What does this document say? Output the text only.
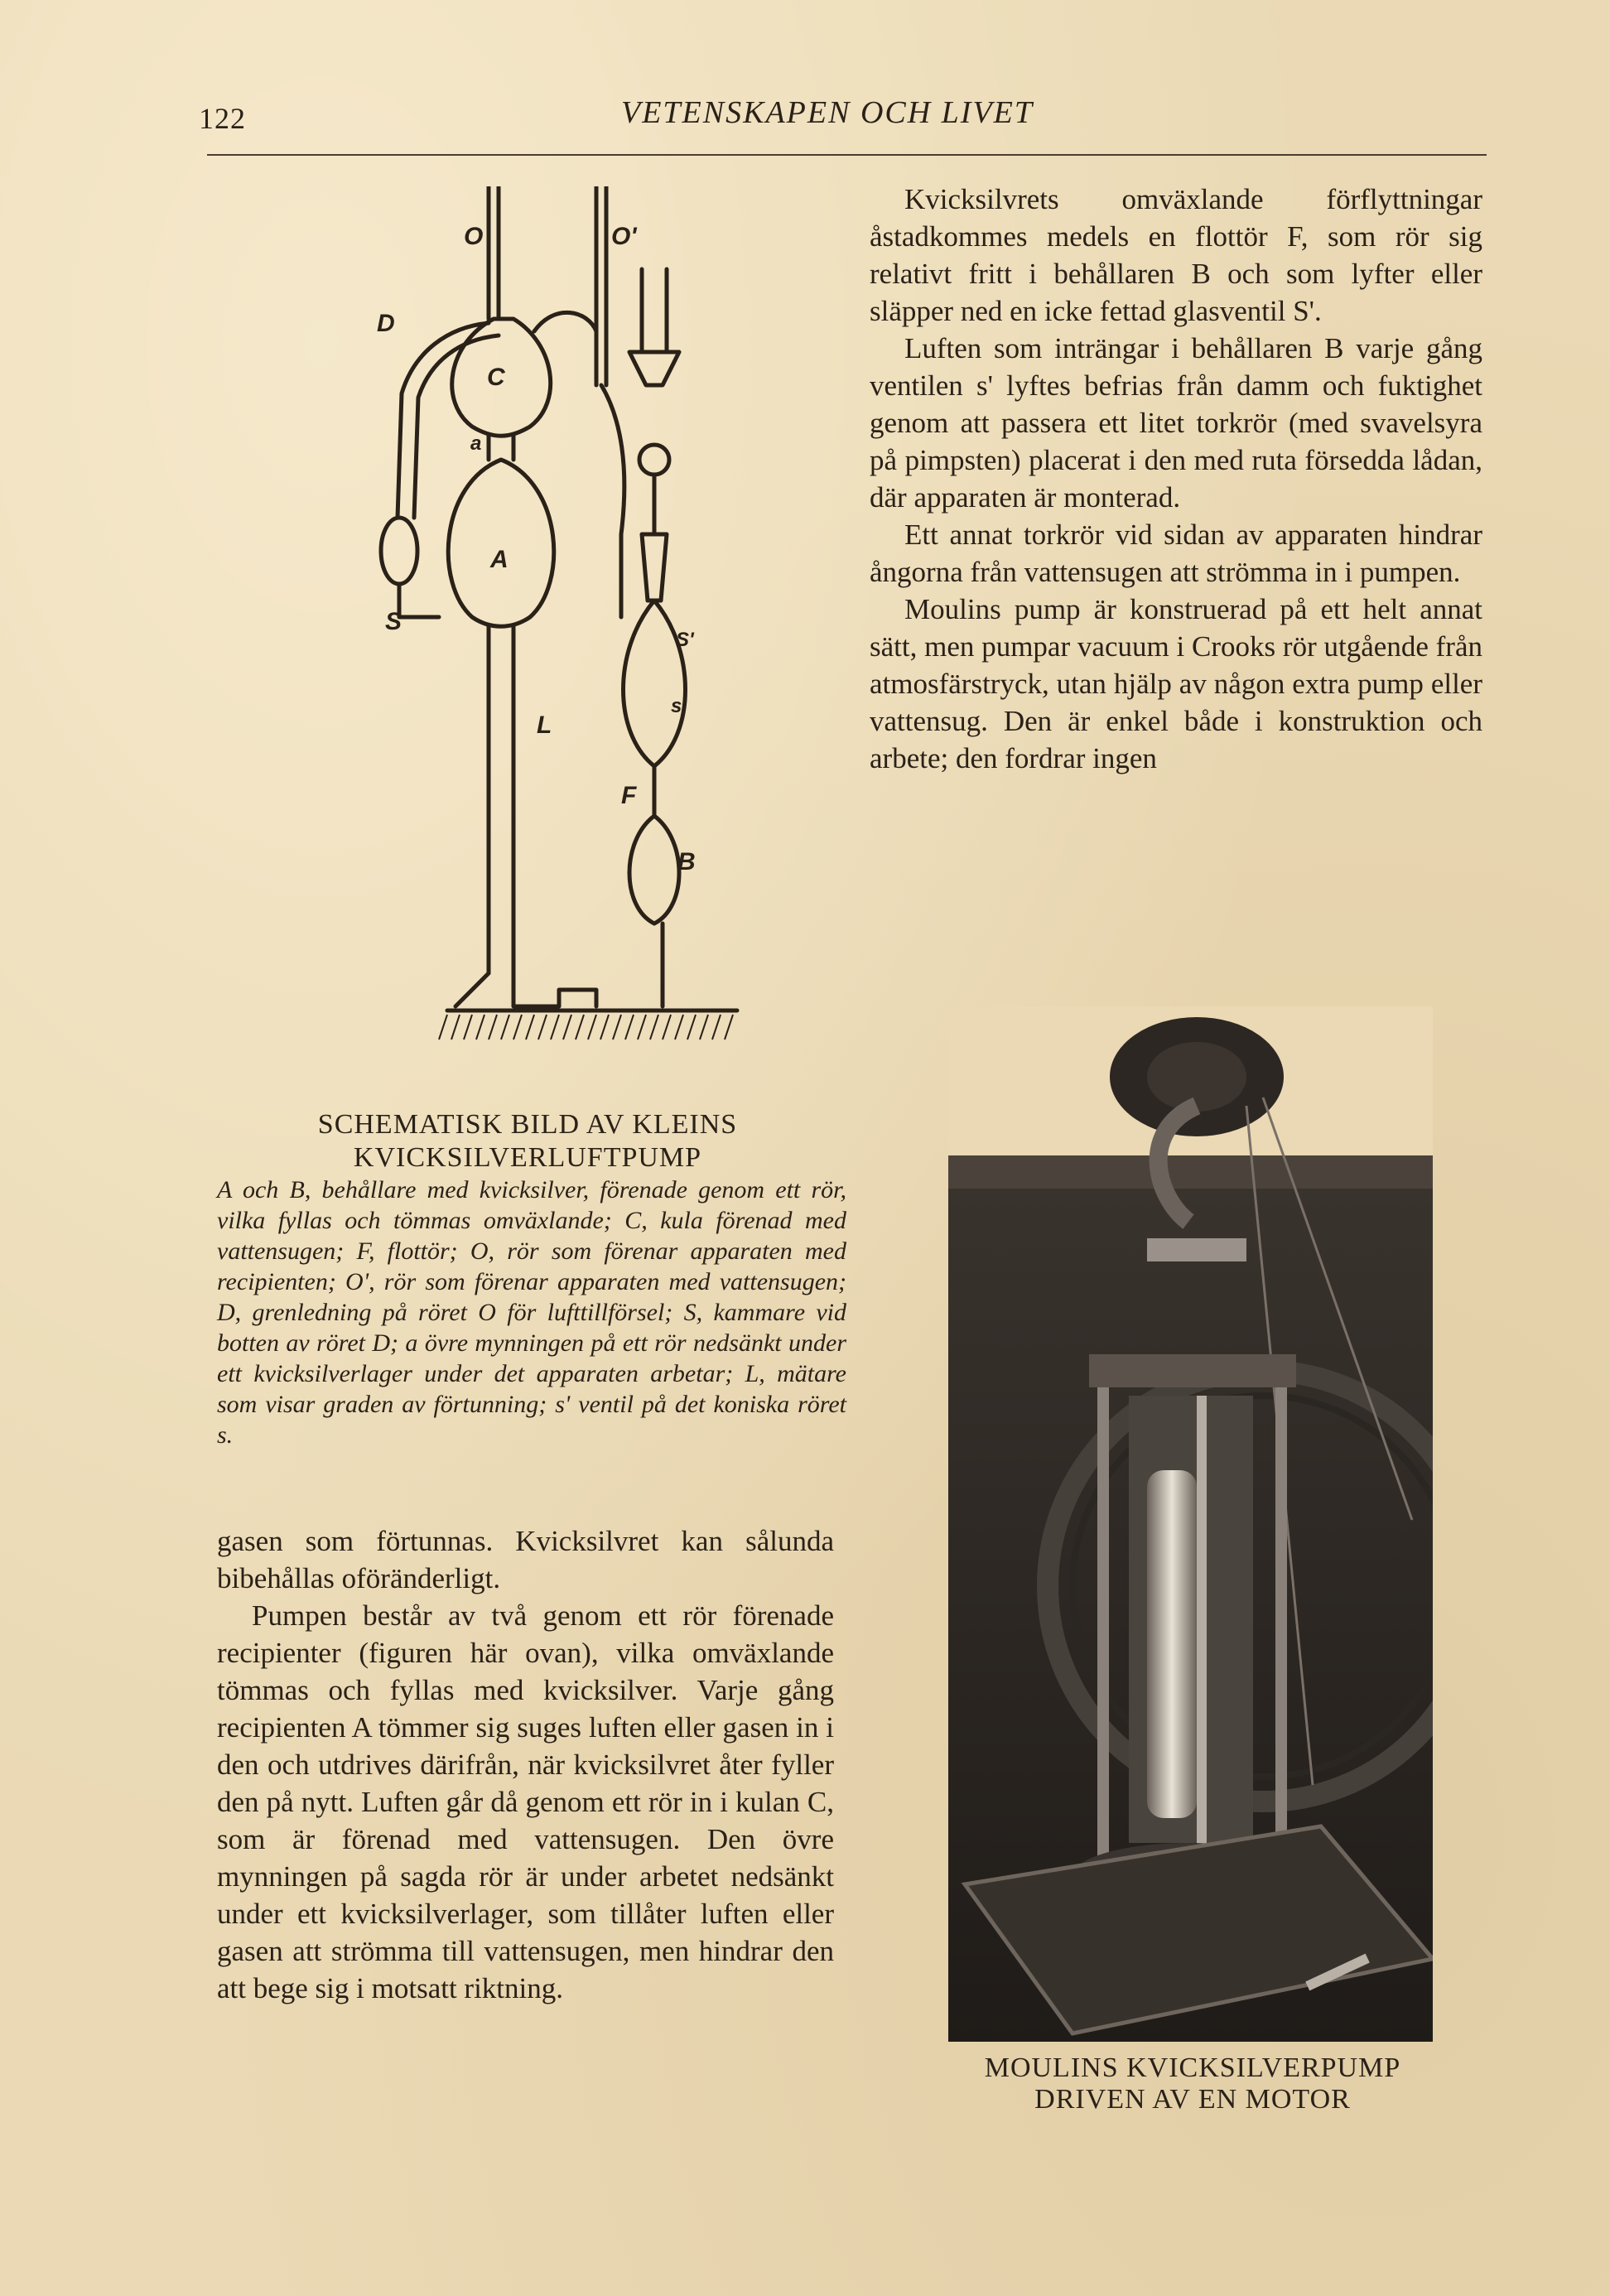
122	VETENSKAPEN OCH LIVET
O	O'
D
C
a
A
S
L
S'
s
F
B

Kvicksilvrets omväxlande förflyttningar åstadkommes medels en flottör F, som rör sig relativt fritt i behållaren B och som lyfter eller släpper ned en icke fettad glasventil S'.

Luften som inträngar i behållaren B varje gång ventilen s' lyftes befrias från damm och fuktighet genom att passera ett litet torkrör (med svavelsyra på pimpsten) placerat i den med ruta försedda lådan, där apparaten är monterad.

Ett annat torkrör vid sidan av apparaten hindrar ångorna från vattensugen att strömma in i pumpen.

Moulins pump är konstruerad på ett helt annat sätt, men pumpar vacuum i Crooks rör utgående från atmosfärstryck, utan hjälp av någon extra pump eller vattensug. Den är enkel både i konstruktion och arbete; den fordrar ingen

SCHEMATISK BILD AV KLEINS KVICKSILVERLUFTPUMP
A och B, behållare med kvicksilver, förenade genom ett rör, vilka fyllas och tömmas omväxlande; C, kula förenad med vattensugen; F, flottör; O, rör som förenar apparaten med recipienten; O', rör som förenar apparaten med vattensugen; D, grenledning på röret O för lufttillförsel; S, kammare vid botten av röret D; a övre mynningen på ett rör nedsänkt under ett kvicksilverlager under det apparaten arbetar; L, mätare som visar graden av förtunning; s' ventil på det koniska röret s.

gasen som förtunnas. Kvicksilvret kan sålunda bibehållas oföränderligt.

Pumpen består av två genom ett rör förenade recipienter (figuren här ovan), vilka omväxlande tömmas och fyllas med kvicksilver. Varje gång recipienten A tömmer sig suges luften eller gasen in i den och utdrives därifrån, när kvicksilvret åter fyller den på nytt. Luften går då genom ett rör in i kulan C, som är förenad med vattensugen. Den övre mynningen på sagda rör är under arbetet nedsänkt under ett kvicksilverlager, som tillåter luften eller gasen att strömma till vattensugen, men hindrar den att bege sig i motsatt riktning.

MOULINS KVICKSILVERPUMP
DRIVEN AV EN MOTOR
